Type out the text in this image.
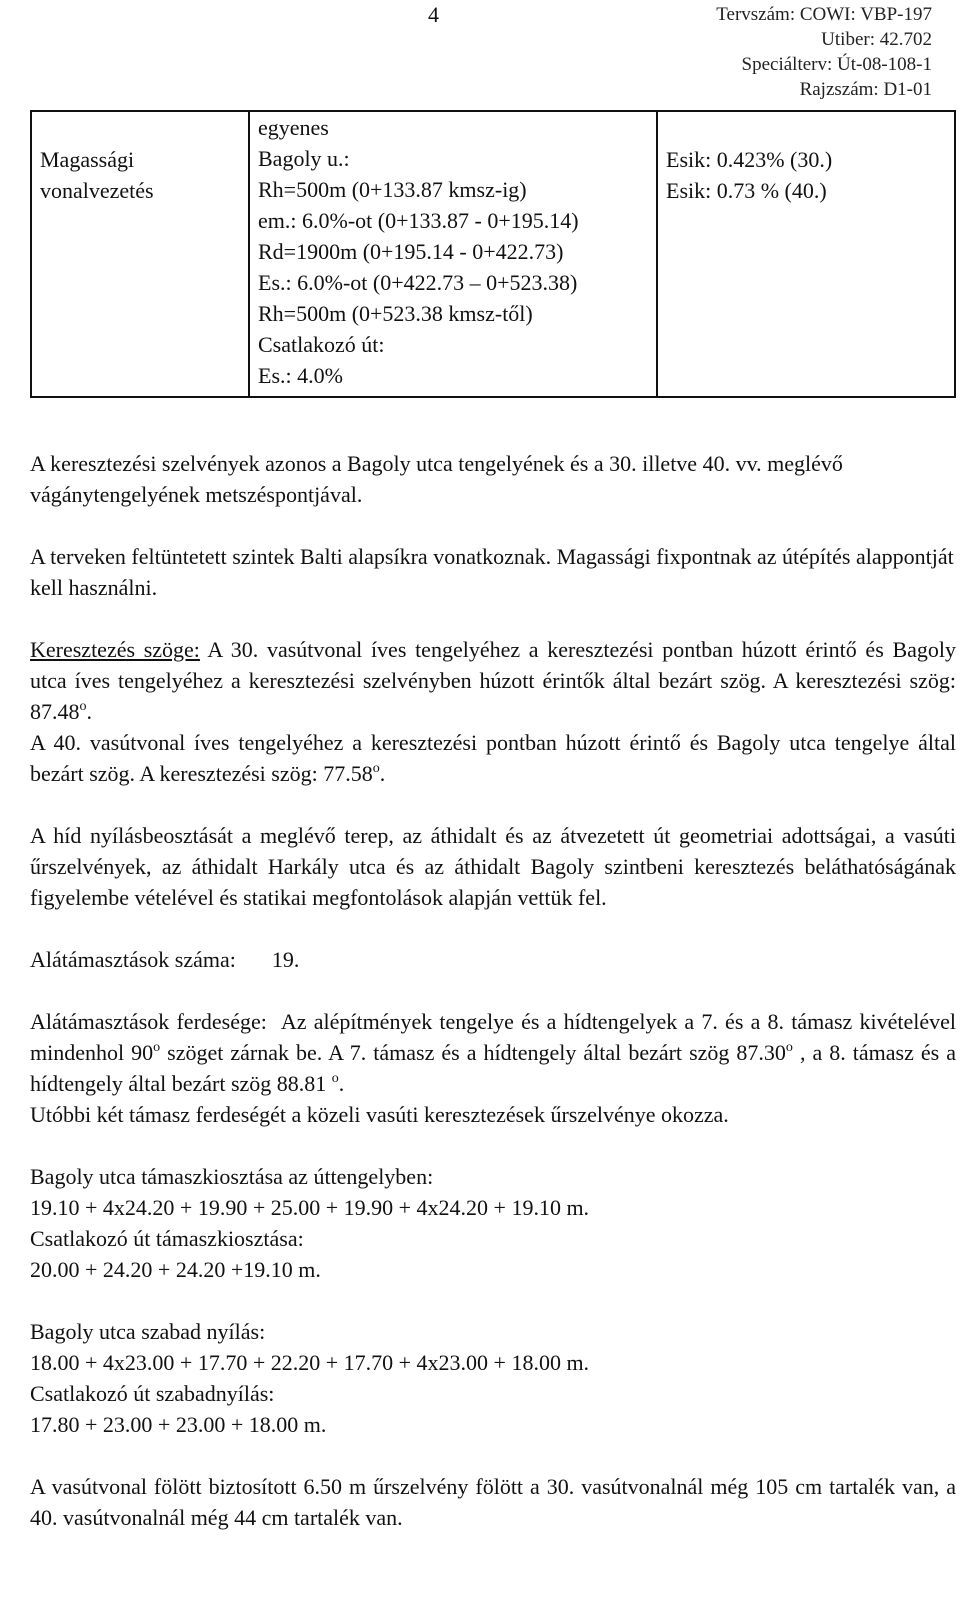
4	Tervszám: COWI: VBP-197
Utiber: 42.702
Speciálterv: Út-08-108-1
Rajzszám: D1-01
Magassági
vonalvezetés

egyenes
Bagoly u.:
Rh=500m (0+133.87 kmsz-ig)
em.: 6.0%-ot (0+133.87 - 0+195.14)
Rd=1900m (0+195.14 - 0+422.73)
Es.: 6.0%-ot (0+422.73 – 0+523.38)
Rh=500m (0+523.38 kmsz-től)
Csatlakozó út:
Es.: 4.0%

Esik: 0.423% (30.)
Esik: 0.73 % (40.)

A keresztezési szelvények azonos a Bagoly utca tengelyének és a 30. illetve 40. vv. meglévő vágánytengelyének metszéspontjával.

A terveken feltüntetett szintek Balti alapsíkra vonatkoznak. Magassági fixpontnak az útépítés alappontját kell használni.

Keresztezés szöge: A 30. vasútvonal íves tengelyéhez a keresztezési pontban húzott érintő és Bagoly utca íves tengelyéhez a keresztezési szelvényben húzott érintők által bezárt szög. A keresztezési szög: 87.48$^o$.
A 40. vasútvonal íves tengelyéhez a keresztezési pontban húzott érintő és Bagoly utca tengelye által bezárt szög. A keresztezési szög: 77.58$^o$.

A híd nyílásbeosztását a meglévő terep, az áthidalt és az átvezetett út geometriai adottságai, a vasúti űrszelvények, az áthidalt Harkály utca és az áthidalt Bagoly szintbeni keresztezés beláthatóságának figyelembe vételével és statikai megfontolások alapján vettük fel.

Alátámasztások száma: 19.
Alátámasztások ferdesége: Az alépítmények tengelye és a hídtengelyek a 7. és a 8. támasz kivételével mindenhol 90$^o$ szöget zárnak be. A 7. támasz és a hídtengely által bezárt szög 87.30$^o$ , a 8. támasz és a hídtengely által bezárt szög 88.81 $^o$.

Utóbbi két támasz ferdeségét a közeli vasúti keresztezések űrszelvénye okozza.

Bagoly utca támaszkiosztása az úttengelyben:

19.10 + 4x24.20 + 19.90 + 25.00 + 19.90 + 4x24.20 + 19.10 m.

Csatlakozó út támaszkiosztása:

20.00 + 24.20 + 24.20 +19.10 m.

Bagoly utca szabad nyílás:

18.00 + 4x23.00 + 17.70 + 22.20 + 17.70 + 4x23.00 + 18.00 m.

Csatlakozó út szabadnyílás:

17.80 + 23.00 + 23.00 + 18.00 m.

A vasútvonal fölött biztosított 6.50 m űrszelvény fölött a 30. vasútvonalnál még 105 cm tartalék van, a 40. vasútvonalnál még 44 cm tartalék van.
